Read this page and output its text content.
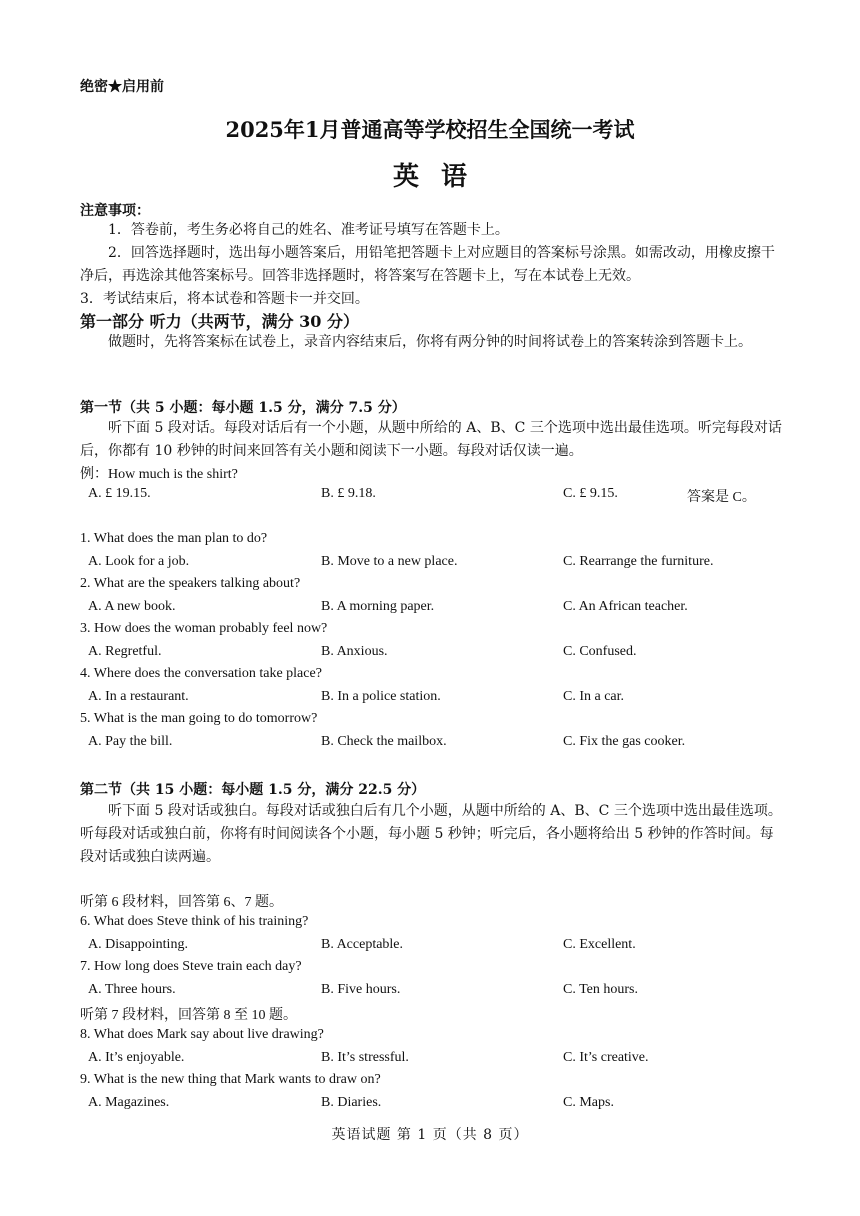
绝密★启用前
2025年1月普通高等学校招生全国统一考试
英语
注意事项：
1．答卷前，考生务必将自己的姓名、准考证号填写在答题卡上。
2．回答选择题时，选出每小题答案后，用铅笔把答题卡上对应题目的答案标号涂黑。如需改动，用橡皮擦干净后，再选涂其他答案标号。回答非选择题时，将答案写在答题卡上，写在本试卷上无效。
3．考试结束后，将本试卷和答题卡一并交回。
第一部分 听力（共两节，满分 30 分）
做题时，先将答案标在试卷上，录音内容结束后，你将有两分钟的时间将试卷上的答案转涂到答题卡上。
第一节（共 5 小题：每小题 1.5 分，满分 7.5 分）
听下面 5 段对话。每段对话后有一个小题，从题中所给的 A、B、C 三个选项中选出最佳选项。听完每段对话后，你都有 10 秒钟的时间来回答有关小题和阅读下一小题。每段对话仅读一遍。
例：How much is the shirt?
A. £ 19.15.	B. £ 9.18.	C. £ 9.15.	答案是 C。
1. What does the man plan to do?
A. Look for a job.	B. Move to a new place.	C. Rearrange the furniture.
2. What are the speakers talking about?
A. A new book.	B. A morning paper.	C. An African teacher.
3. How does the woman probably feel now?
A. Regretful.	B. Anxious.	C. Confused.
4. Where does the conversation take place?
A. In a restaurant.	B. In a police station.	C. In a car.
5. What is the man going to do tomorrow?
A. Pay the bill.	B. Check the mailbox.	C. Fix the gas cooker.
第二节（共 15 小题：每小题 1.5 分，满分 22.5 分）
听下面 5 段对话或独白。每段对话或独白后有几个小题，从题中所给的 A、B、C 三个选项中选出最佳选项。听每段对话或独白前，你将有时间阅读各个小题，每小题 5 秒钟；听完后，各小题将给出 5 秒钟的作答时间。每段对话或独白读两遍。
听第 6 段材料，回答第 6、7 题。
6. What does Steve think of his training?
A. Disappointing.	B. Acceptable.	C. Excellent.
7. How long does Steve train each day?
A. Three hours.	B. Five hours.	C. Ten hours.
听第 7 段材料，回答第 8 至 10 题。
8. What does Mark say about live drawing?
A. It’s enjoyable.	B. It’s stressful.	C. It’s creative.
9. What is the new thing that Mark wants to draw on?
A. Magazines.	B. Diaries.	C. Maps.
英语试题 第 1 页（共 8 页）
